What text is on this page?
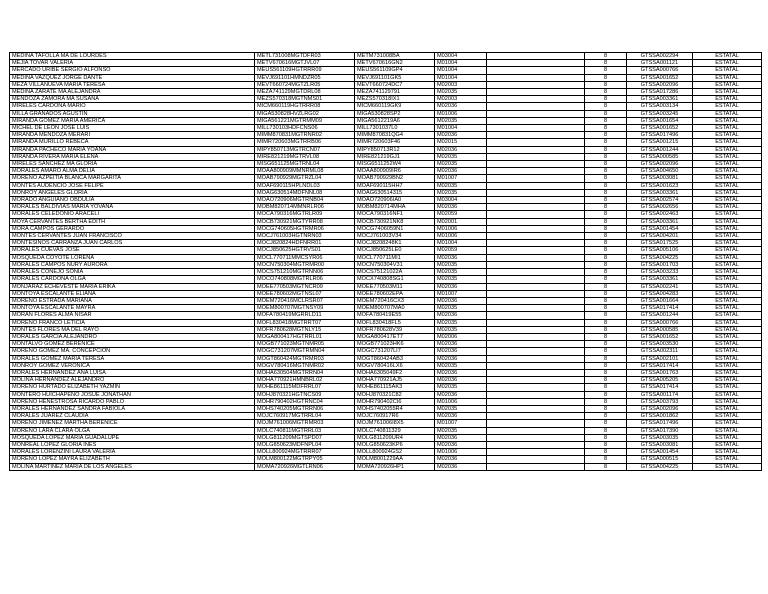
MEDINA TAFOLLA MA DE LOURDES	METL731008MGTDFR03	METM731008BA	M03004		8	GTSSA002294	ESTATAL
MEJIA TOVAR VALERIA	METV670616MGTJVL07	METV670616GN2	M01004		8	GTSSA001121	ESTATAL
MERCADO URIBE SERGIO ALFONSO	MEUS561109HGTRRR09	MEUS561109GP4	M01004		8	GTSSA000766	ESTATAL
MEDINA VAZQUEZ JORGE DANTE	MEVJ691101HMNDZR05	MEVJ691101GK5	M01004		8	GTSSA001652	ESTATAL
MEZA VILLANUEVA MARIA TERESA	MEVT660724MGTZLR05	MEVT660724DC7	M02003		8	GTSSA002096	ESTATAL
MEDINA ZARATE MA ALEJANDRA	MEZA741129MGTDRL08	MEZA741129791	M02035		8	GTSSA017286	ESTATAL
MENDOZA ZAMORA MA SUSANA	MEZS570318MGTNMS01	MEZS570318IX1	M02003		8	GTSSA003361	ESTATAL
MIRELES CARDONA MARIO	MICM660119HGTRRR08	MICM660119GK9	M02036		8	GTSSA003134	ESTATAL
MILLA GRANADOS AGUSTIN	MIGA530828HVZLRG02	MIGA530828SP2	M01006		8	GTSSA003245	ESTATAL
MIRANDA GOMEZ MARIA AMERICA	MIGA561221MGTRMM09	MIGA5612219A6	M02035		8	GTSSA001654	ESTATAL
MICHEL DE LEON JOSE LUIS	MILL730103HDFCNS06	MILL7301037L0	M01004		8	GTSSA001652	ESTATAL
MIRANDA MENDOZA MERARI	MIMM870831MGTRNR02	MIMM870831QG4	M02036		8	GTSSA017496	ESTATAL
MIRANDA MURILLO REBECA	MIMR720603MGTRRB06	MIMR720603F46	M02015		8	GTSSA001215	ESTATAL
MIRANDA PACHECO MARIA YOANA	MIPY850713MGTRCN07	MIPY850713R12	M02036		8	GTSSA001244	ESTATAL
MIRANDA RIVERA MARIA ELENA	MIRE821219MGTRVL08	MIRE821219GJ1	M02035		8	GTSSA000585	ESTATAL
MIRELES SANCHEZ MA GLORIA	MISG651125MGTRNL04	MISG6511252W4	M02035		8	GTSSA002096	ESTATAL
MORALES AMARO ALMA DELIA	MOAA800909MMNRML08	MOAA800909IR6	M02036		8	GTSSA004650	ESTATAL
MORENO AZPEITIA BLANCA MARGARITA	MOAB790929MGTRZL04	MOAB790929BN2	M01007		8	GTSSA003081	ESTATAL
MONTES AUDENCIO JOSE FELIPE	MOAF690115HPLNDL03	MOAF690115HH7	M02035		8	GTSSA001623	ESTATAL
MONROY ANGELES GLORIA	MOAG630514MDFNNL08	MOAG630514315	M02035		8	GTSSA003361	ESTATAL
MORADO ANGUIANO OBDULIA	MOAO720906MGTRNB04	MOAO720906IA0	M03004		8	GTSSA002574	ESTATAL
MORALES BALDIVIAS MARIA YOVANA	MOBM820714MMNRLR06	MOBM820714MHA	M02036		8	GTSSA002656	ESTATAL
MORALES CELEDONIO ARACELI	MOCA790316MGTRLR09	MOCA790316NF1	M02059		8	GTSSA002463	ESTATAL
MOYA CERVANTES BERTHA EDITH	MOCB730921MGTYRR08	MOCB730921NK8	M02001		8	GTSSA003361	ESTATAL
MORA CAMPOS GERARDO	MOCG740605HGTRMR06	MOCG7406059N1	M01006		8	GTSSA001454	ESTATAL
MONTES CERVANTES JUAN FRANCISCO	MOCJ761003HGTNRN03	MOCJ761003V34	M01006		8	GTSSA004201	ESTATAL
MONTESINOS CARRANZA JUAN CARLOS	MOCJ820824HDFNRR01	MOCJ8208248K1	M01004		8	GTSSA017525	ESTATAL
MORALES CUEVAS JOSE	MOCJ850625HGTRVS01	MOCJ850625LE0	M02059		8	GTSSA005106	ESTATAL
MOSQUEDA COYOTE LORENA	MOCL770711MMCSYR06	MOCL770711MI1	M02036		8	GTSSA004225	ESTATAL
MORALES CAMPOS NURY AURORA	MOCN750304MGTRMR00	MOCN750304V31	M02035		8	GTSSA001703	ESTATAL
MORALES CONEJO SONIA	MOCS751210MGTRNN06	MOCS75121022A	M02035		8	GTSSA003233	ESTATAL
MORALES CARDONA OLGA	MOCO740808MGTRLR06	MOCX740808SG1	M02035		8	GTSSA003361	ESTATAL
MONJARAZ ECHEVESTE MARIA ERIKA	MOEE770503MGTNCR09	MOEE770503M11	M02036		8	GTSSA002241	ESTATAL
MONTOYA ESCALANTE ELIANA	MOEE780602MGTNSL07	MOEE780602EPA	M01007		8	GTSSA004283	ESTATAL
MORENO ESTRADA MARIANA	MOEM720416MCLRSR07	MOEM720416CX3	M02036		8	GTSSA001664	ESTATAL
MONTOYA ESCALANTE MAYRA	MOEM800707MGTNSY09	MOEM800707MA0	M02035		8	GTSSA017414	ESTATAL
MORAN FLORES ALMA NISAR	MOFA780419MGRRLD11	MOFA780419E55	M02036		8	GTSSA001244	ESTATAL
MORENO FRANCO LETICIA	MOFL830418MGTRRT07	MOFL830418FL5	M02035		8	GTSSA000766	ESTATAL
MONTES FLORES MA DEL RAYO	MOFR780628MGTNLY15	MOFR780628V39	M02035		8	GTSSA000585	ESTATAL
MORALES GARCIA ALEJANDRO	MOGA800417HGTRRL01	MOGA800417ET7	M02006		8	GTSSA001652	ESTATAL
MONTALVO GOMEZ BERENICE	MOGB771023MGTNMR05	MOGB771023HK6	M02036		8	GTSSA003530	ESTATAL
MORENO GOMEZ MA. CONCEPCION	MOGC731207MGTRMN04	MOGC731207LI7	M02036		8	GTSSA002311	ESTATAL
MORALES GOMEZ MARIA TERESA	MOGT860424MGTRMR03	MOGT860424AB3	M02036		8	GTSSA002101	ESTATAL
MONROY GOMEZ VERONICA	MOGV780416MGTNMR02	MOGV780416LX6	M02035		8	GTSSA017414	ESTATAL
MORALES HERNANDEZ ANA LUISA	MOHA630504MGTRRN04	MOHA6305049F2	M02036		8	GTSSA001763	ESTATAL
MOLINA HERNANDEZ ALEJANDRO	MOHA770921HMNBRL02	MOHA770921AJ5	M02036		8	GTSSA005205	ESTATAL
MORENO HURTADO ELIZABETH YAZMIN	MOHE861115MDFRRL07	MOHE861115AK3	M02035		8	GTSSA017414	ESTATAL
MONTERO HUICHAPENO JOSUE JONATHAN	MOHJ870321HGTNCS09	MOHJ870321C82	M02036		8	GTSSA001174	ESTATAL
MORENO HENESTROSA RICARDO PABLO	MOHR790402HGTRNC04	MOHR790402CI6	M01006		8	GTSSA003793	ESTATAL
MORALES HERNANDEZ SANDRA FABIOLA	MOHS740205MGTRRN06	MOHS7402055R4	M02035		8	GTSSA002096	ESTATAL
MORALES JUAREZ CLAUDIA	MOJC760917MGTRRL04	MOJC760917R6	M02036		8	GTSSA001862	ESTATAL
MORENO JIMENEZ MARTHA BERENICE	MOJM761006MGTRMR03	MOJM761006I8X5	M01007		8	GTSSA017496	ESTATAL
MORENO LARA CLARA OLGA	MOLC740811MGTRRL03	MOLC740811329	M02035		8	GTSSA017390	ESTATAL
MOSQUEDA LOPEZ MARIA GUADALUPE	MOLG811209MGTSPD07	MOLG811209UR4	M02036		8	GTSSA003035	ESTATAL
MONREAL LOPEZ GLORIA INES	MOLG850623MDFNPL04	MOLG850623KP6	M02036		8	GTSSA003081	ESTATAL
MORALES LORENZINI LAURA VALERIA	MOLL800924MGTRRR07	MOLL800924GS2	M01006		8	GTSSA001454	ESTATAL
MORENO LOPEZ MAYRA ELIZABETH	MOLM800122MGTRPY05	MOLM8001229AA	M02036		8	GTSSA000515	ESTATAL
MOLINA MARTINEZ MARIA DE LOS ANGELES	MOMA720926MGTLRN06	MOMA720926HP1	M02036		8	GTSSA004225	ESTATAL
